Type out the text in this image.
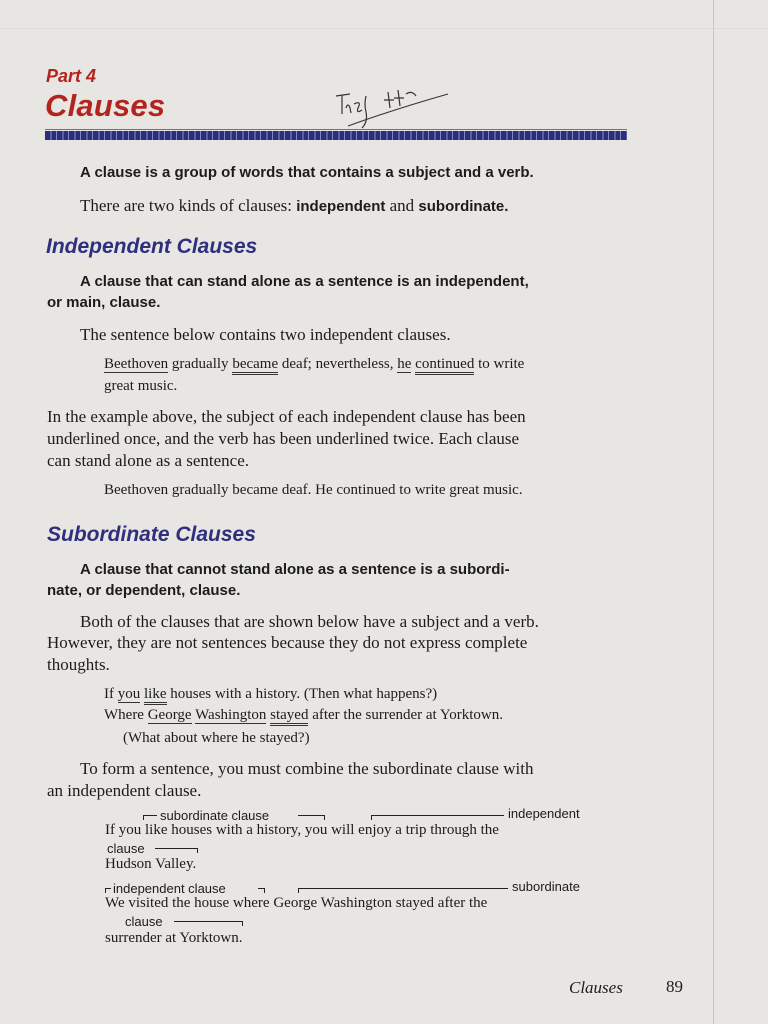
Part 4
Clauses
A clause is a group of words that contains a subject and a verb.
There are two kinds of clauses: independent and subordinate.
Independent Clauses
A clause that can stand alone as a sentence is an independent,
or main, clause.
The sentence below contains two independent clauses.
Beethoven gradually became deaf; nevertheless, he continued to write
great music.
In the example above, the subject of each independent clause has been
underlined once, and the verb has been underlined twice. Each clause
can stand alone as a sentence.
Beethoven gradually became deaf. He continued to write great music.
Subordinate Clauses
A clause that cannot stand alone as a sentence is a subordi-
nate, or dependent, clause.
Both of the clauses that are shown below have a subject and a verb.
However, they are not sentences because they do not express complete
thoughts.
If you like houses with a history. (Then what happens?)
Where George Washington stayed after the surrender at Yorktown.
(What about where he stayed?)
To form a sentence, you must combine the subordinate clause with
an independent clause.
subordinate clause	independent
If you like houses with a history, you will enjoy a trip through the
clause
Hudson Valley.
independent clause	subordinate
We visited the house where George Washington stayed after the
clause
surrender at Yorktown.
Clauses	89
